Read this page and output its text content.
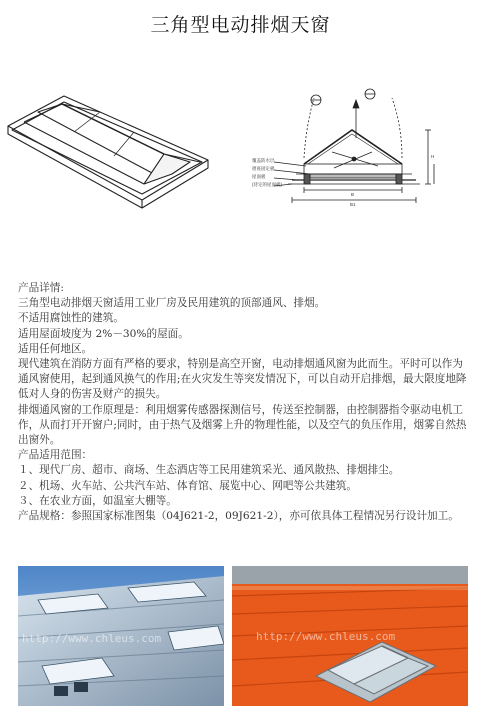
三角型电动排烟天窗
覆盖防水层
窗座固定板
屋面板
(待定的屋面板)
B
B1
H

产品详情:

三角型电动排烟天窗适用工业厂房及民用建筑的顶部通风、排烟。

不适用腐蚀性的建筑。

适用屋面坡度为 2%－30%的屋面。

适用任何地区。

现代建筑在消防方面有严格的要求，特别是高空开窗，电动排烟通风窗为此而生。平时可以作为通风窗使用，起到通风换气的作用;在火灾发生等突发情况下，可以自动开启排烟，最大限度地降低对人身的伤害及财产的损失。

排烟通风窗的工作原理是：利用烟雾传感器探测信号，传送至控制器，由控制器指令驱动电机工作，从而打开开窗户;同时，由于热气及烟雾上升的物理性能，以及空气的负压作用，烟雾自然热出窗外。

产品适用范围：

１、现代厂房、超市、商场、生态酒店等工民用建筑采光、通风散热、排烟排尘。

２、机场、火车站、公共汽车站、体育馆、展览中心、网吧等公共建筑。

３、在农业方面，如温室大棚等。

产品规格：参照国家标准图集（04J621-2，09J621-2），亦可依具体工程情况另行设计加工。

http://www.chleus.com	http://www.chleus.com
